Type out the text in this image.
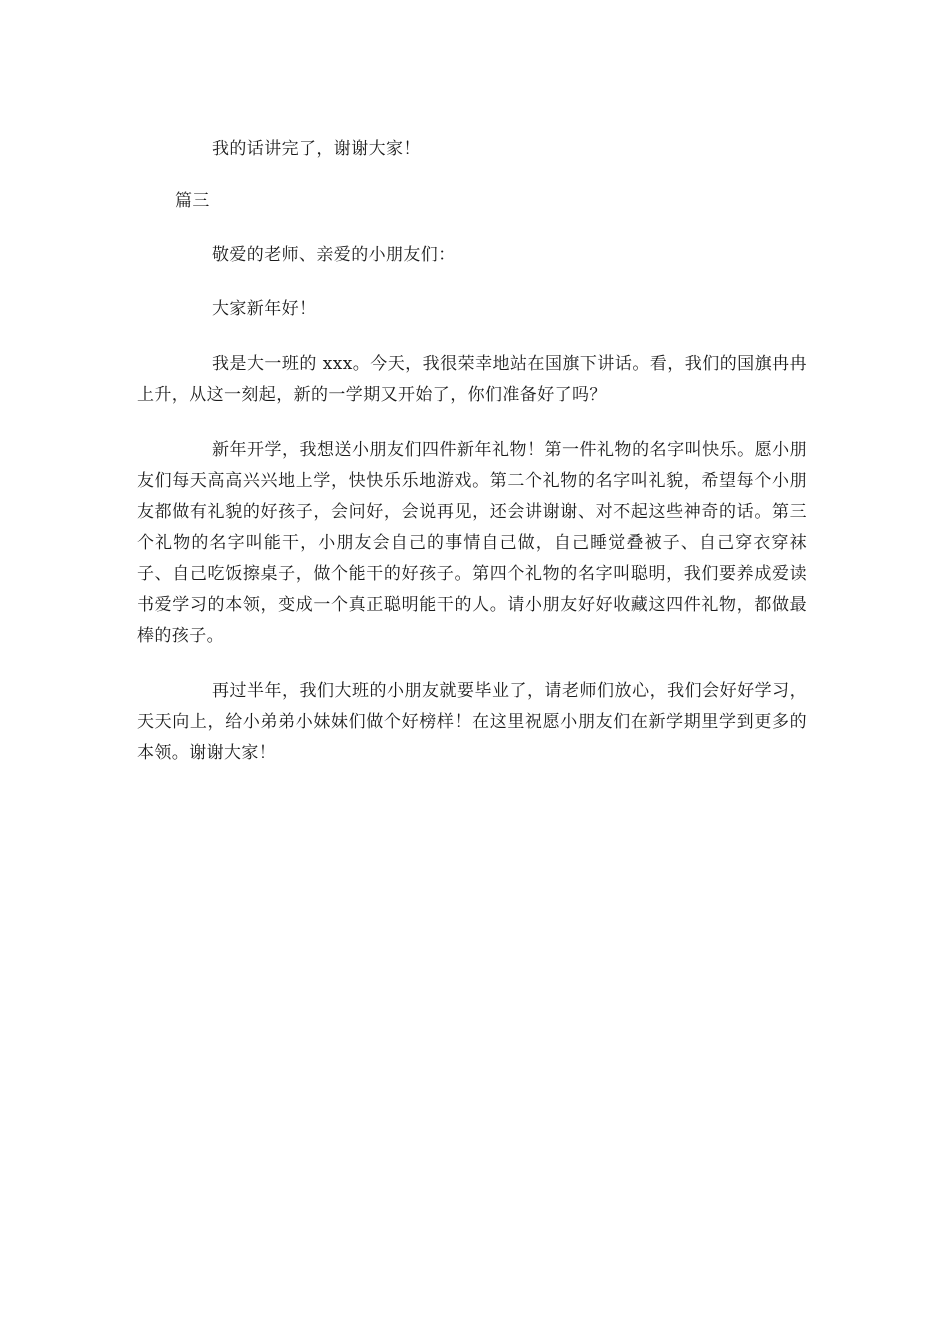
我的话讲完了，谢谢大家！

篇三

敬爱的老师、亲爱的小朋友们：

大家新年好！

我是大一班的 xxx。今天，我很荣幸地站在国旗下讲话。看，我们的国旗冉冉上升，从这一刻起，新的一学期又开始了，你们准备好了吗？

新年开学，我想送小朋友们四件新年礼物！第一件礼物的名字叫快乐。愿小朋友们每天高高兴兴地上学，快快乐乐地游戏。第二个礼物的名字叫礼貌，希望每个小朋友都做有礼貌的好孩子，会问好，会说再见，还会讲谢谢、对不起这些神奇的话。第三个礼物的名字叫能干，小朋友会自己的事情自己做，自己睡觉叠被子、自己穿衣穿袜子、自己吃饭擦桌子，做个能干的好孩子。第四个礼物的名字叫聪明，我们要养成爱读书爱学习的本领，变成一个真正聪明能干的人。请小朋友好好收藏这四件礼物，都做最棒的孩子。

再过半年，我们大班的小朋友就要毕业了，请老师们放心，我们会好好学习，天天向上，给小弟弟小妹妹们做个好榜样！在这里祝愿小朋友们在新学期里学到更多的本领。谢谢大家！
